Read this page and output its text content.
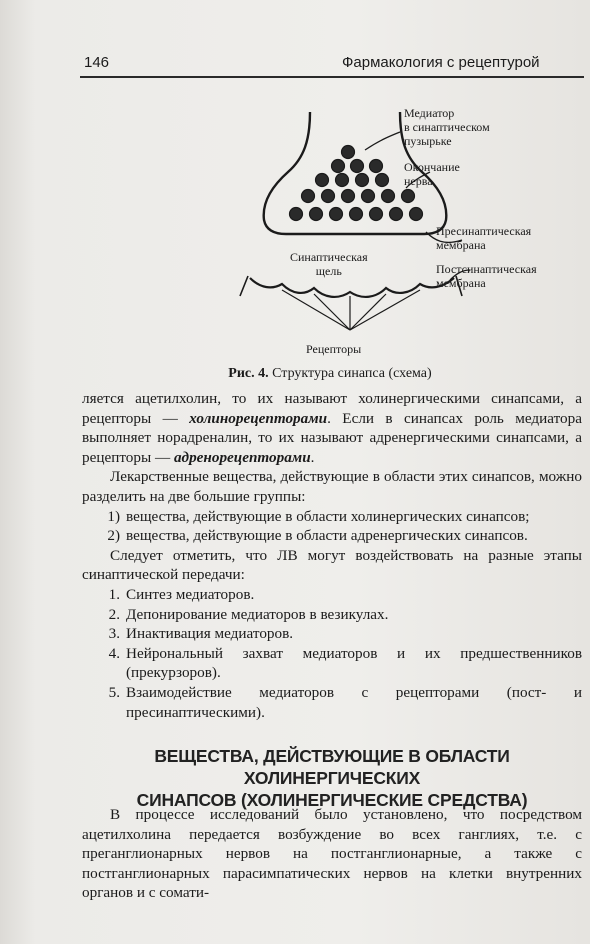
146	Фармакология с рецептурой
Медиатор
в синаптическом
пузырьке
Окончание
нерва
Пресинаптическая
мембрана
Синаптическая
щель	Постсинаптическая
мембрана
Рецепторы
Рис. 4. Структура синапса (схема)

ляется ацетилхолин, то их называют холинергическими синапсами, а рецепторы — холинорецепторами. Если в синапсах роль медиатора выполняет норадреналин, то их называют адренергическими синапсами, а рецепторы — адренорецепторами.

Лекарственные вещества, действующие в области этих синапсов, можно разделить на две большие группы:

1) вещества, действующие в области холинергических синапсов;
2) вещества, действующие в области адренергических синапсов.

Следует отметить, что ЛВ могут воздействовать на разные этапы синаптической передачи:

1. Синтез медиаторов.
2. Депонирование медиаторов в везикулах.
3. Инактивация медиаторов.
4. Нейрональный захват медиаторов и их предшественников (прекурзоров).
5. Взаимодействие медиаторов с рецепторами (пост- и пресинаптическими).
ВЕЩЕСТВА, ДЕЙСТВУЮЩИЕ В ОБЛАСТИ ХОЛИНЕРГИЧЕСКИХ
СИНАПСОВ (ХОЛИНЕРГИЧЕСКИЕ СРЕДСТВА)

В процессе исследований было установлено, что посредством ацетилхолина передается возбуждение во всех ганглиях, т.е. с преганглионарных нервов на постганглионарные, а также с постганглионарных парасимпатических нервов на клетки внутренних органов и с сомати-
